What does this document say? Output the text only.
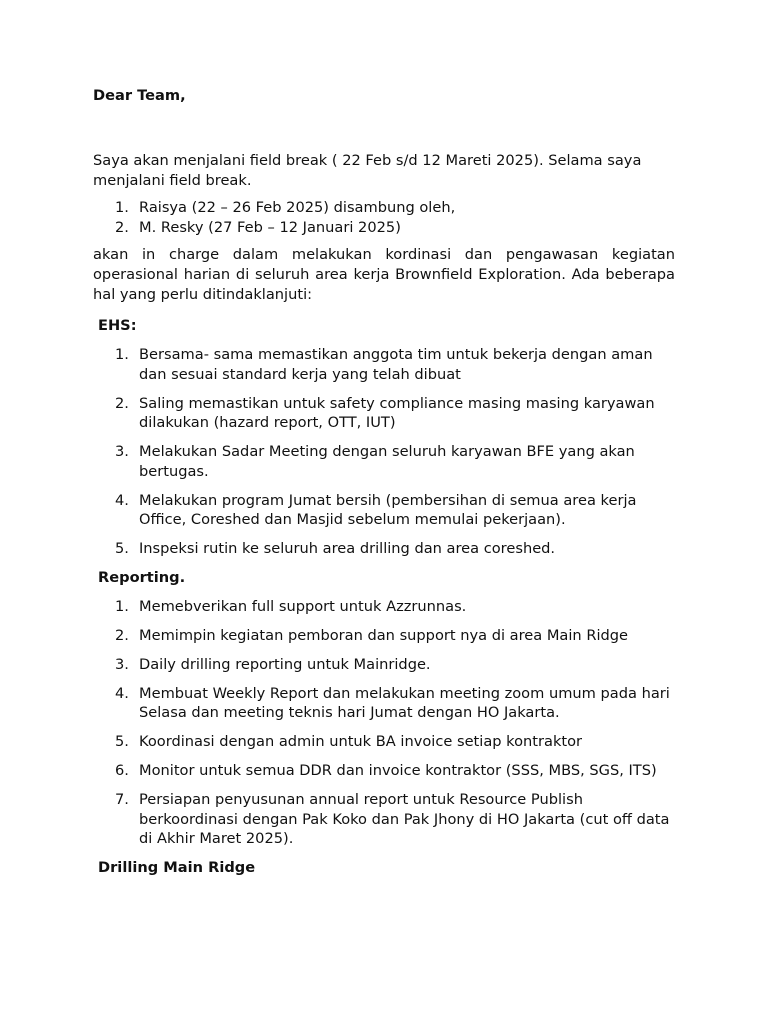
Dear Team,

Saya akan menjalani field break ( 22 Feb s/d 12 Mareti 2025). Selama saya menjalani field break.

1. Raisya (22 – 26 Feb 2025) disambung oleh,
2. M. Resky (27 Feb – 12 Januari 2025)

akan in charge dalam melakukan kordinasi dan pengawasan kegiatan operasional harian di seluruh area kerja Brownfield Exploration. Ada beberapa hal yang perlu ditindaklanjuti:

EHS:
1. Bersama- sama memastikan anggota tim untuk bekerja dengan aman dan sesuai standard kerja yang telah dibuat
2. Saling memastikan untuk safety compliance masing masing karyawan dilakukan (hazard report, OTT, IUT)
3. Melakukan Sadar Meeting dengan seluruh karyawan BFE yang akan bertugas.
4. Melakukan program Jumat bersih (pembersihan di semua area kerja Office, Coreshed dan Masjid sebelum memulai pekerjaan).
5. Inspeksi rutin ke seluruh area drilling dan area coreshed.
Reporting.
1. Memebverikan full support untuk Azzrunnas.
2. Memimpin kegiatan pemboran dan support nya di area Main Ridge
3. Daily drilling reporting untuk Mainridge.
4. Membuat Weekly Report dan melakukan meeting zoom umum pada hari Selasa dan meeting teknis hari Jumat dengan HO Jakarta.
5. Koordinasi dengan admin untuk BA invoice setiap kontraktor
6. Monitor untuk semua DDR dan invoice kontraktor (SSS, MBS, SGS, ITS)
7. Persiapan penyusunan annual report untuk Resource Publish berkoordinasi dengan Pak Koko dan Pak Jhony di HO Jakarta (cut off data di Akhir Maret 2025).
Drilling Main Ridge
